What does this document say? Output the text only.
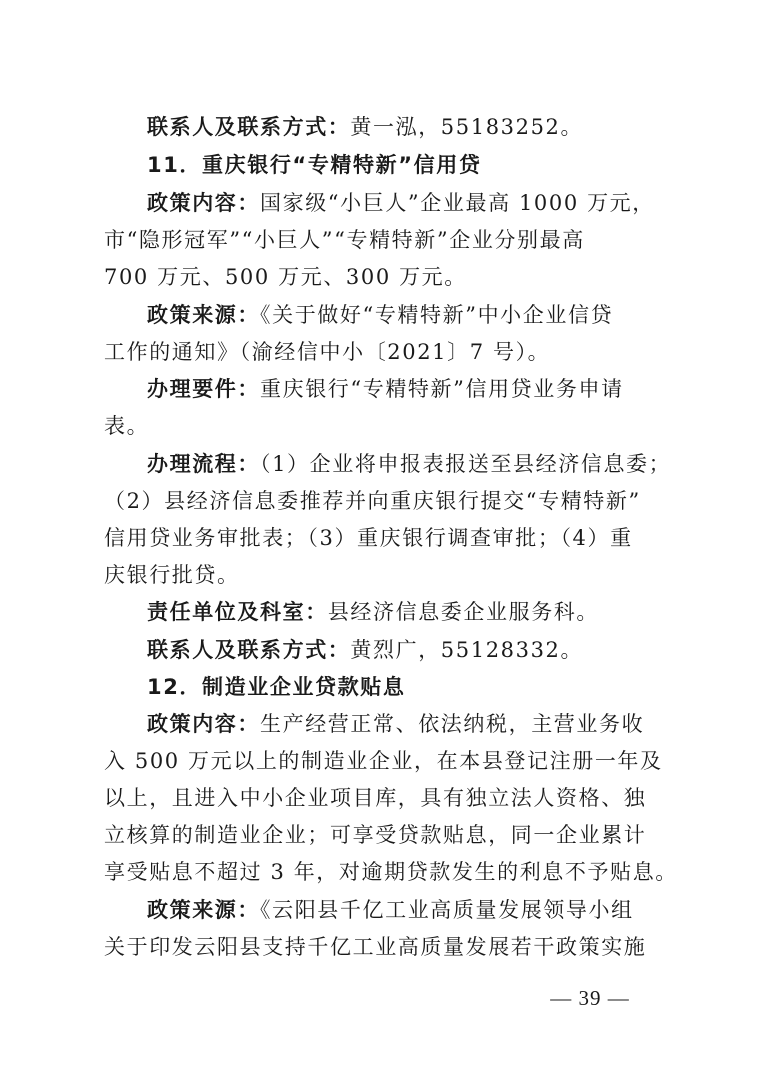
联系人及联系方式：黄一泓，55183252。
11．重庆银行“专精特新”信用贷
政策内容：国家级“小巨人”企业最高 1000 万元，
市“隐形冠军”“小巨人”“专精特新”企业分别最高
700 万元、500 万元、300 万元。
政策来源：《关于做好“专精特新”中小企业信贷
工作的通知》（渝经信中小〔2021〕7 号）。
办理要件：重庆银行“专精特新”信用贷业务申请
表。
办理流程：（1）企业将申报表报送至县经济信息委；
（2）县经济信息委推荐并向重庆银行提交“专精特新”
信用贷业务审批表；（3）重庆银行调查审批；（4）重
庆银行批贷。
责任单位及科室：县经济信息委企业服务科。
联系人及联系方式：黄烈广，55128332。
12．制造业企业贷款贴息
政策内容：生产经营正常、依法纳税，主营业务收
入 500 万元以上的制造业企业，在本县登记注册一年及
以上，且进入中小企业项目库，具有独立法人资格、独
立核算的制造业企业；可享受贷款贴息，同一企业累计
享受贴息不超过 3 年，对逾期贷款发生的利息不予贴息。
政策来源：《云阳县千亿工业高质量发展领导小组
关于印发云阳县支持千亿工业高质量发展若干政策实施
— 39 —
